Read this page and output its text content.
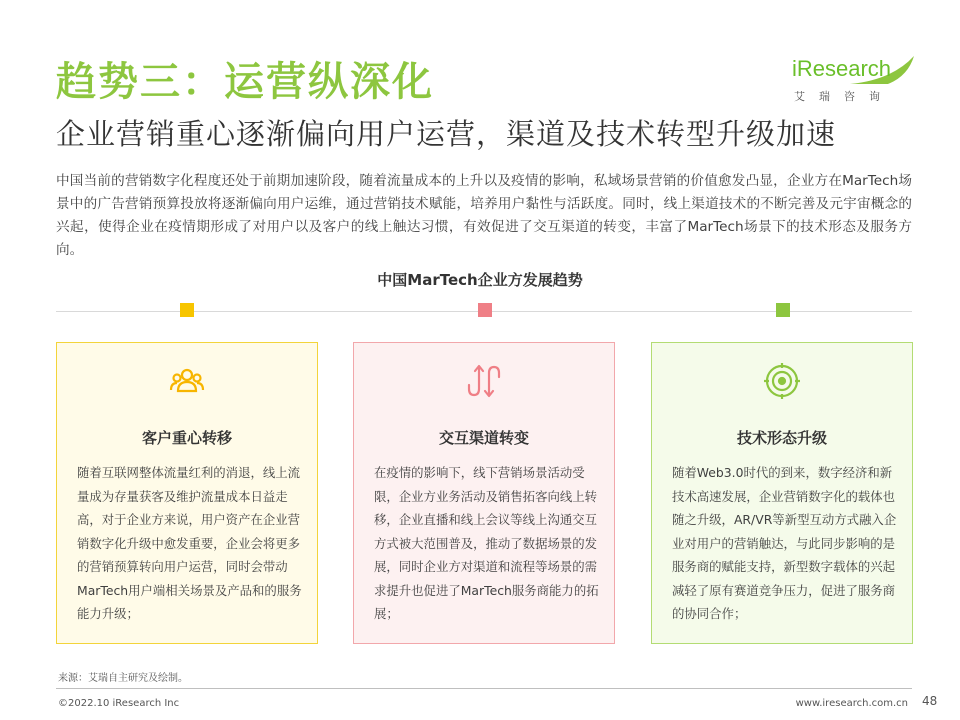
趋势三：运营纵深化
企业营销重心逐渐偏向用户运营，渠道及技术转型升级加速
iResearch
艾瑞咨询

中国当前的营销数字化程度还处于前期加速阶段，随着流量成本的上升以及疫情的影响，私域场景营销的价值愈发凸显，企业方在MarTech场景中的广告营销预算投放将逐渐偏向用户运维，通过营销技术赋能，培养用户黏性与活跃度。同时，线上渠道技术的不断完善及元宇宙概念的兴起，使得企业在疫情期形成了对用户以及客户的线上触达习惯，有效促进了交互渠道的转变，丰富了MarTech场景下的技术形态及服务方向。

中国MarTech企业方发展趋势
客户重心转移
随着互联网整体流量红利的消退，线上流量成为存量获客及维护流量成本日益走高，对于企业方来说，用户资产在企业营销数字化升级中愈发重要，企业会将更多的营销预算转向用户运营，同时会带动MarTech用户端相关场景及产品和的服务能力升级；
交互渠道转变
在疫情的影响下，线下营销场景活动受限，企业方业务活动及销售拓客向线上转移，企业直播和线上会议等线上沟通交互方式被大范围普及，推动了数据场景的发展，同时企业方对渠道和流程等场景的需求提升也促进了MarTech服务商能力的拓展；
技术形态升级
随着Web3.0时代的到来，数字经济和新技术高速发展，企业营销数字化的载体也随之升级，AR/VR等新型互动方式融入企业对用户的营销触达，与此同步影响的是服务商的赋能支持，新型数字载体的兴起减轻了原有赛道竞争压力，促进了服务商的协同合作；
来源：艾瑞自主研究及绘制。
©2022.10 iResearch Inc	www.iresearch.com.cn 48
